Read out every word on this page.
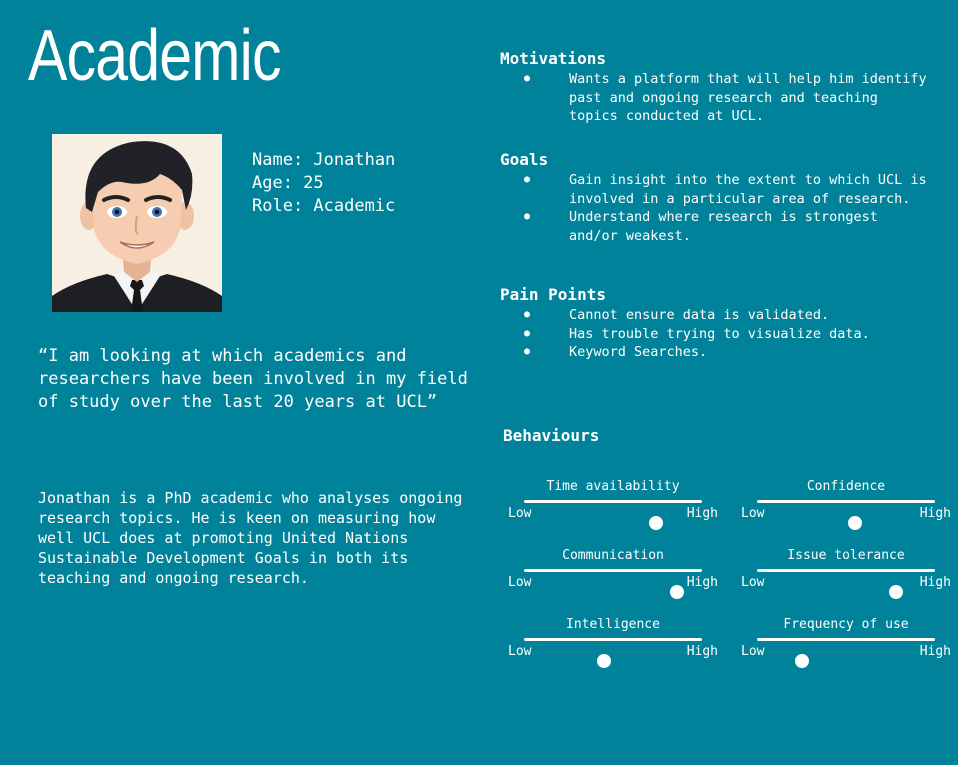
Academic
Name: Jonathan
Age: 25
Role: Academic

“I am looking at which academics and researchers have been involved in my field of study over the last 20 years at UCL”

Jonathan is a PhD academic who analyses ongoing research topics. He is keen on measuring how well UCL does at promoting United Nations Sustainable Development Goals in both its teaching and ongoing research.

Motivations
● Wants a platform that will help him identify past and ongoing research and teaching topics conducted at UCL.
Goals
● Gain insight into the extent to which UCL is involved in a particular area of research.
● Understand where research is strongest and/or weakest.
Pain Points
● Cannot ensure data is validated.
● Has trouble trying to visualize data.
● Keyword Searches.
Behaviours
Time availability
Low	High
Confidence
Low	High
Communication
Low	High
Issue tolerance
Low	High
Intelligence
Low	High
Frequency of use
Low	High
